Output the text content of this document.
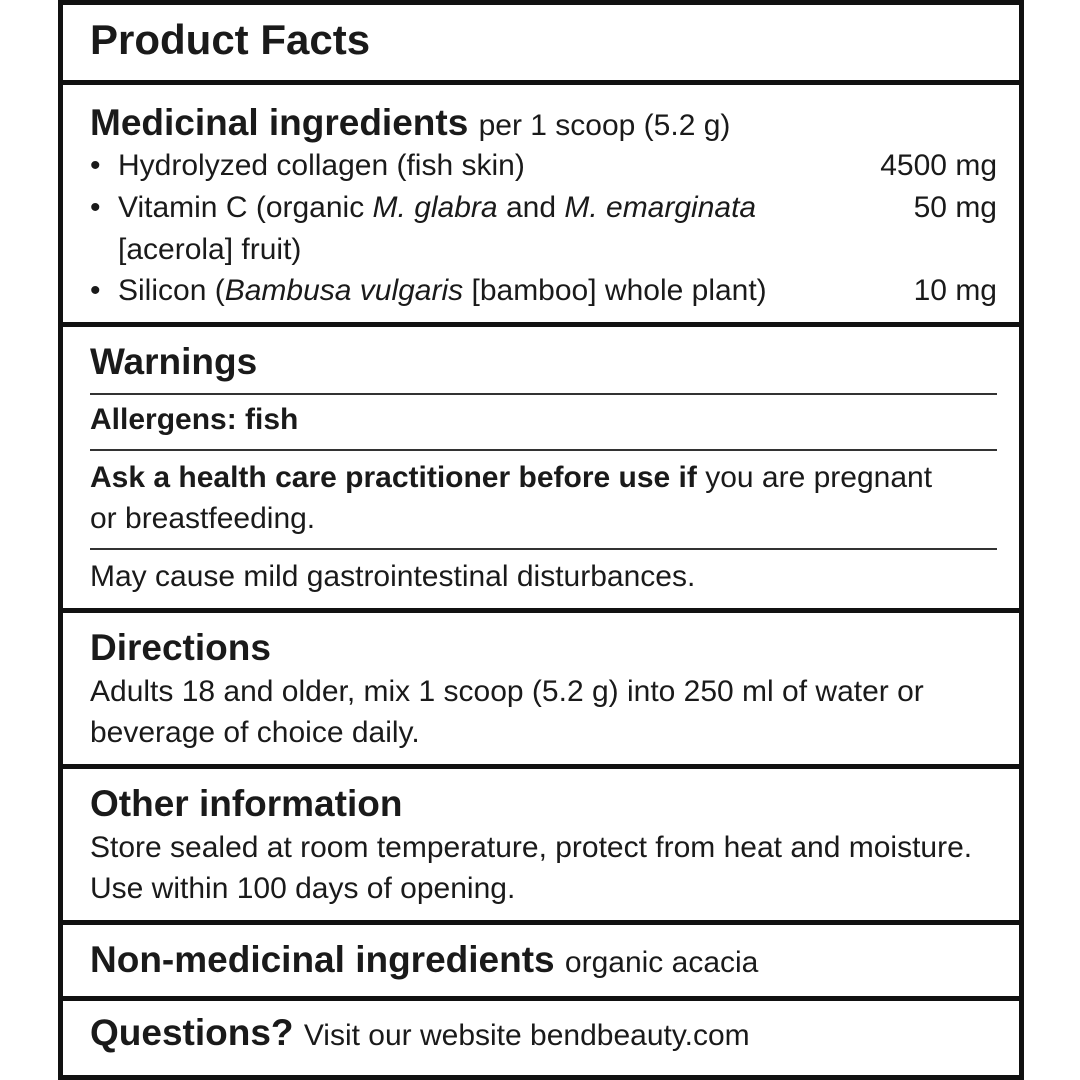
Product Facts
Medicinal ingredients per 1 scoop (5.2 g)
• Hydrolyzed collagen (fish skin)	4500 mg
• Vitamin C (organic M. glabra and M. emarginata	50 mg
[acerola] fruit)
• Silicon (Bambusa vulgaris [bamboo] whole plant)	10 mg
Warnings
Allergens: fish
Ask a health care practitioner before use if you are pregnant or breastfeeding.
May cause mild gastrointestinal disturbances.
Directions
Adults 18 and older, mix 1 scoop (5.2 g) into 250 ml of water or beverage of choice daily.
Other information
Store sealed at room temperature, protect from heat and moisture. Use within 100 days of opening.
Non-medicinal ingredients organic acacia
Questions? Visit our website bendbeauty.com
